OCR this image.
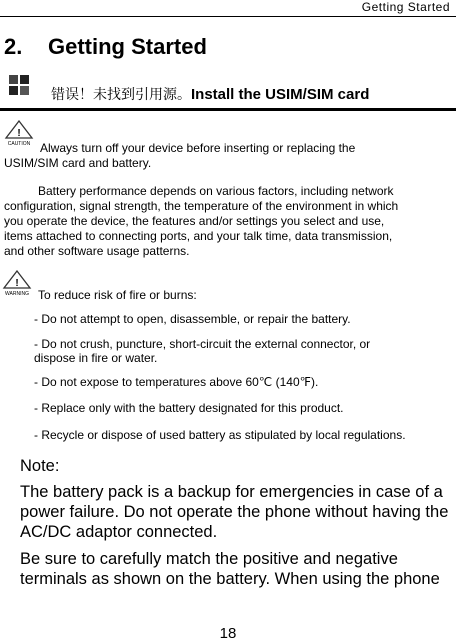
Getting Started
2. Getting Started
错误！未找到引用源。Install the USIM/SIM card
!
CAUTION Always turn off your device before inserting or replacing the
USIM/SIM card and battery.
Battery performance depends on various factors, including network
configuration, signal strength, the temperature of the environment in which
you operate the device, the features and/or settings you select and use,
items attached to connecting ports, and your talk time, data transmission,
and other software usage patterns.
!
WARNING To reduce risk of fire or burns:
- Do not attempt to open, disassemble, or repair the battery.
- Do not crush, puncture, short-circuit the external connector, or
dispose in fire or water.
- Do not expose to temperatures above 60℃ (140℉).
- Replace only with the battery designated for this product.
- Recycle or dispose of used battery as stipulated by local regulations.
Note:
The battery pack is a backup for emergencies in case of a
power failure. Do not operate the phone without having the
AC/DC adaptor connected.
Be sure to carefully match the positive and negative
terminals as shown on the battery. When using the phone
18
